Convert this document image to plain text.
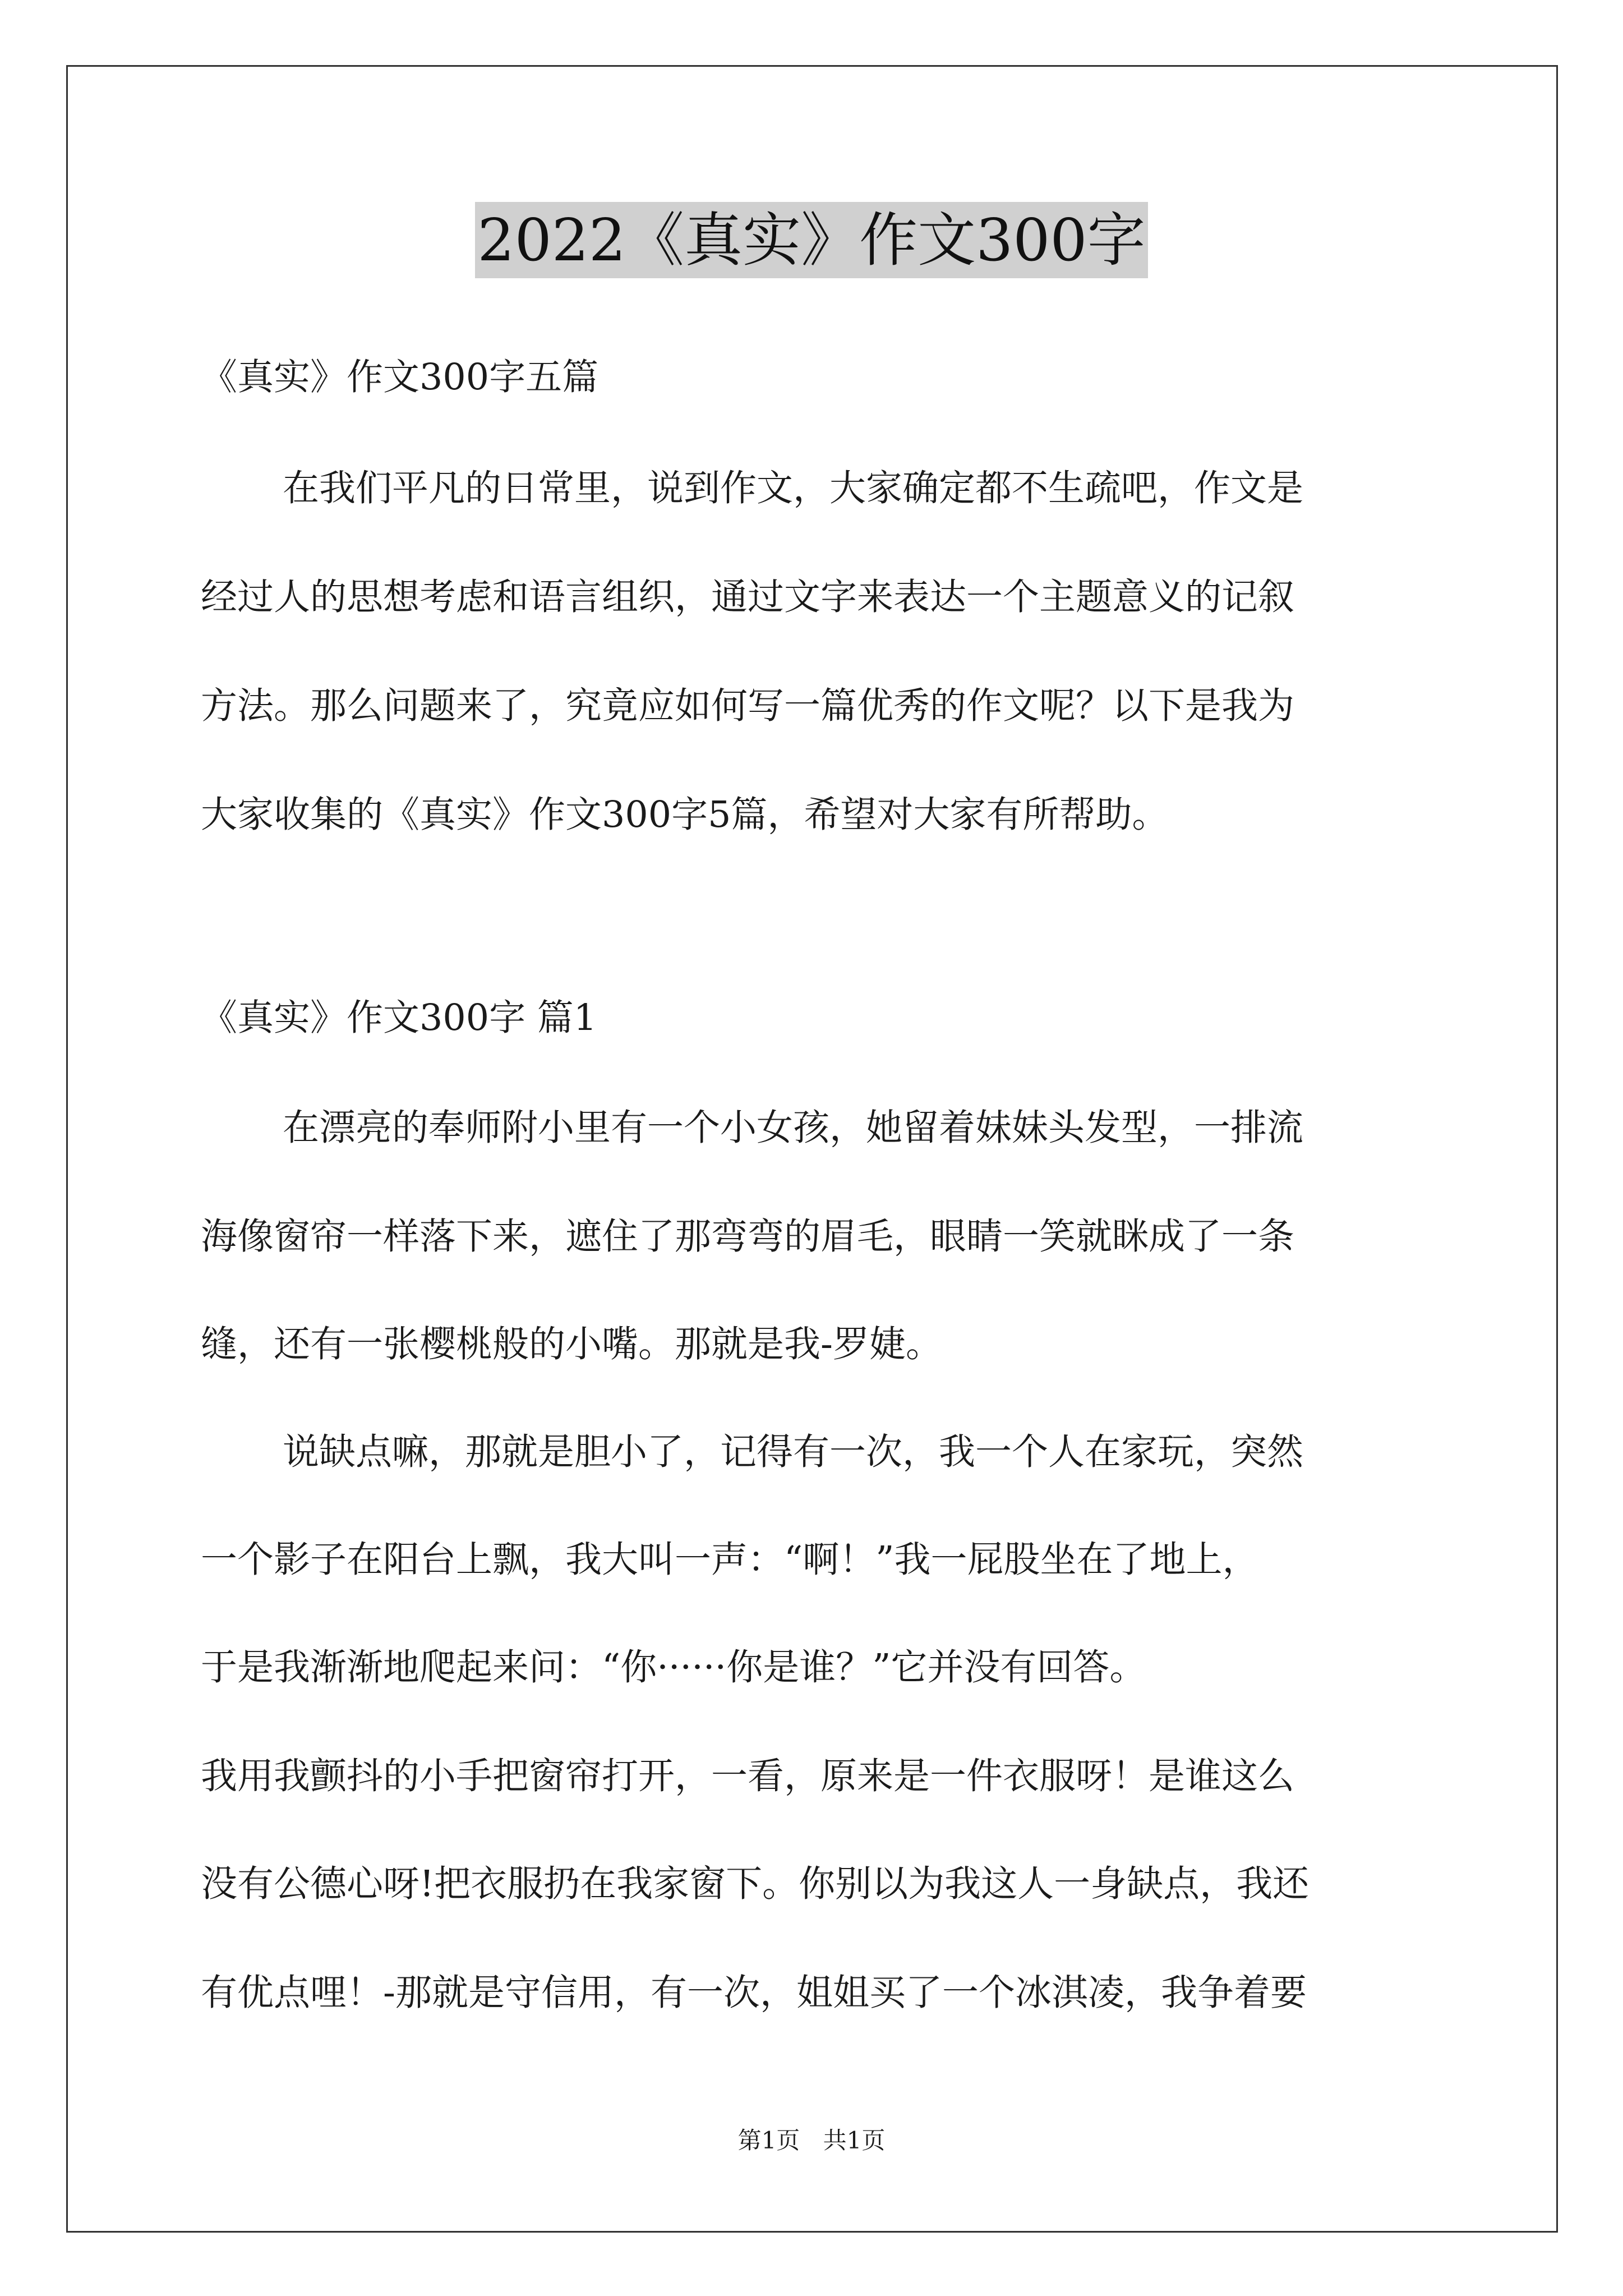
2022《真实》作文300字
《真实》作文300字五篇
在我们平凡的日常里，说到作文，大家确定都不生疏吧，作文是
经过人的思想考虑和语言组织，通过文字来表达一个主题意义的记叙
方法。那么问题来了，究竟应如何写一篇优秀的作文呢？以下是我为
大家收集的《真实》作文300字5篇，希望对大家有所帮助。
《真实》作文300字 篇1
在漂亮的奉师附小里有一个小女孩，她留着妹妹头发型，一排流
海像窗帘一样落下来，遮住了那弯弯的眉毛，眼睛一笑就眯成了一条
缝，还有一张樱桃般的小嘴。那就是我-罗婕。
说缺点嘛，那就是胆小了，记得有一次，我一个人在家玩，突然
一个影子在阳台上飘，我大叫一声：“啊！”我一屁股坐在了地上，
于是我渐渐地爬起来问：“你······你是谁？”它并没有回答。
我用我颤抖的小手把窗帘打开，一看，原来是一件衣服呀！是谁这么
没有公德心呀!把衣服扔在我家窗下。你别以为我这人一身缺点，我还
有优点哩！-那就是守信用，有一次，姐姐买了一个冰淇凌，我争着要
第1页 共1页
